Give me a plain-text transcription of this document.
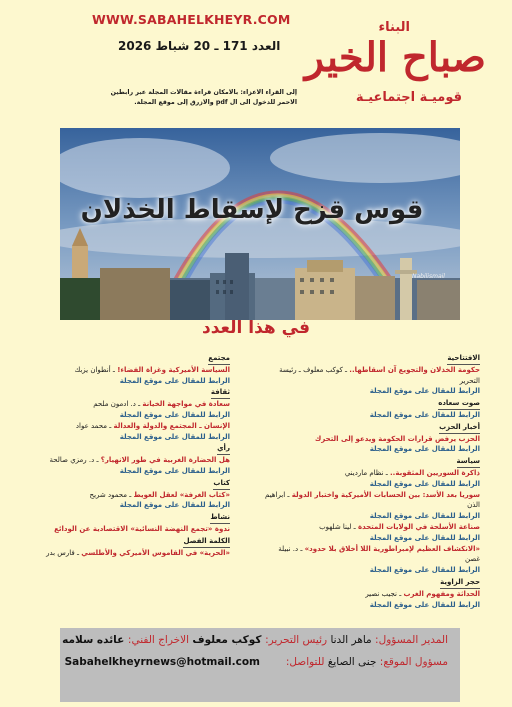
WWW.SABAHELKHEYR.COM
العدد 171 ـ 20 شباط 2026
البناء
صباح الخير
قوميـة اجتماعيـة
إلى القراء الاعزاء: بالامكان قراءة مقالات المجلة عبر رابطين
الاحمر للدخول الى ال pdf والازرق إلى موقع المجلة.
قوس قزح لإسقاط الخذلان
Nabilismail
في هذا العدد
الافتتاحية
حكومة الخذلان والتجويع آن اسقاطها.. ـ كوكب معلوف ـ رئيسة التحرير
الرابط للمقال على موقع المجلة
صوت سعاده
الرابط للمقال على موقع المجلة
أخبار الحزب
الحزب يرفض قرارات الحكومة ويدعو إلى التحرك
الرابط للمقال على موقع المجلة
سياسة
ذاكرة السوريين المثقوبة.. ـ نظام مارديني
الرابط للمقال على موقع المجلة
سوريا بعد الأسد: بين الحسابات الأميركية واختبار الدولة ـ ابراهيم الذن
الرابط للمقال على موقع المجلة
صناعة الأسلحة في الولايات المتحدة ـ لينا شلهوب
الرابط للمقال على موقع المجلة
«الانكشاف العظيم لإمبراطورية اللا أخلاق بلا حدود» ـ د. نبيلة غصن
الرابط للمقال على موقع المجلة
حجر الزاوية
الحداثة ومفهوم الغرب ـ نجيب نصير
الرابط للمقال على موقع المجلة
مجتمع
السياسة الأميركية وغزاة الفضاء! ـ أنطوان يزبك
الرابط للمقال على موقع المجلة
ثقافة
سعادة في مواجهة الخيانة ـ د. ادمون ملحم
الرابط للمقال على موقع المجلة
الإنسان ـ المجتمع والدولة والعدالة ـ محمد عواد
الرابط للمقال على موقع المجلة
رأي
هل الحضارة الغربية في طور الانهيار؟ ـ د. رمزي صالحة
الرابط للمقال على موقع المجلة
كتاب
«كتاب الغرفة» لعقل العويط ـ محمود شريح
الرابط للمقال على موقع المجلة
نشاط
ندوة «تجمع النهضة النسائية» الاقتصادية عن الودائع
الكلمة الفصل
«الحرية» في القاموس الأميركي والأطلسي ـ فارس بدر
المدير المسؤول: ماهر الدنا رئيس التحرير: كوكب معلوف الاخراج الفني: عائده سلامه
مسؤول الموقع: جنى الصايغ للتواصل:
Sabahelkheyrnews@hotmail.com
